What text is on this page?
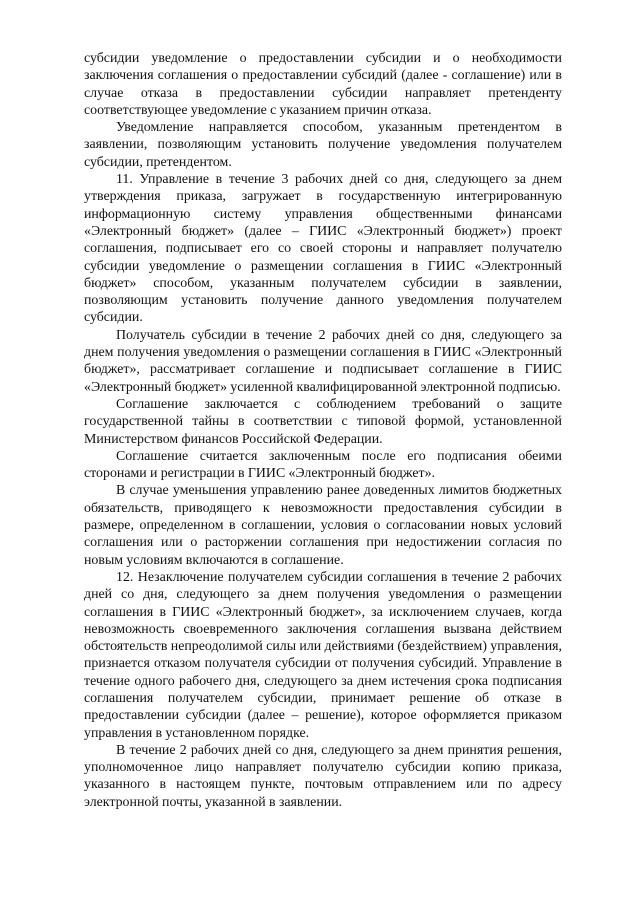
субсидии уведомление о предоставлении субсидии и о необходимости заключения соглашения о предоставлении субсидий (далее - соглашение) или в случае отказа в предоставлении субсидии направляет претенденту соответствующее уведомление с указанием причин отказа.

Уведомление направляется способом, указанным претендентом в заявлении, позволяющим установить получение уведомления получателем субсидии, претендентом.

11. Управление в течение 3 рабочих дней со дня, следующего за днем утверждения приказа, загружает в государственную интегрированную информационную систему управления общественными финансами «Электронный бюджет» (далее – ГИИС «Электронный бюджет») проект соглашения, подписывает его со своей стороны и направляет получателю субсидии уведомление о размещении соглашения в ГИИС «Электронный бюджет» способом, указанным получателем субсидии в заявлении, позволяющим установить получение данного уведомления получателем субсидии.

Получатель субсидии в течение 2 рабочих дней со дня, следующего за днем получения уведомления о размещении соглашения в ГИИС «Электронный бюджет», рассматривает соглашение и подписывает соглашение в ГИИС «Электронный бюджет» усиленной квалифицированной электронной подписью.

Соглашение заключается с соблюдением требований о защите государственной тайны в соответствии с типовой формой, установленной Министерством финансов Российской Федерации.

Соглашение считается заключенным после его подписания обеими сторонами и регистрации в ГИИС «Электронный бюджет».

В случае уменьшения управлению ранее доведенных лимитов бюджетных обязательств, приводящего к невозможности предоставления субсидии в размере, определенном в соглашении, условия о согласовании новых условий соглашения или о расторжении соглашения при недостижении согласия по новым условиям включаются в соглашение.

12. Незаключение получателем субсидии соглашения в течение 2 рабочих дней со дня, следующего за днем получения уведомления о размещении соглашения в ГИИС «Электронный бюджет», за исключением случаев, когда невозможность своевременного заключения соглашения вызвана действием обстоятельств непреодолимой силы или действиями (бездействием) управления, признается отказом получателя субсидии от получения субсидий. Управление в течение одного рабочего дня, следующего за днем истечения срока подписания соглашения получателем субсидии, принимает решение об отказе в предоставлении субсидии (далее – решение), которое оформляется приказом управления в установленном порядке.

В течение 2 рабочих дней со дня, следующего за днем принятия решения, уполномоченное лицо направляет получателю субсидии копию приказа, указанного в настоящем пункте, почтовым отправлением или по адресу электронной почты, указанной в заявлении.
